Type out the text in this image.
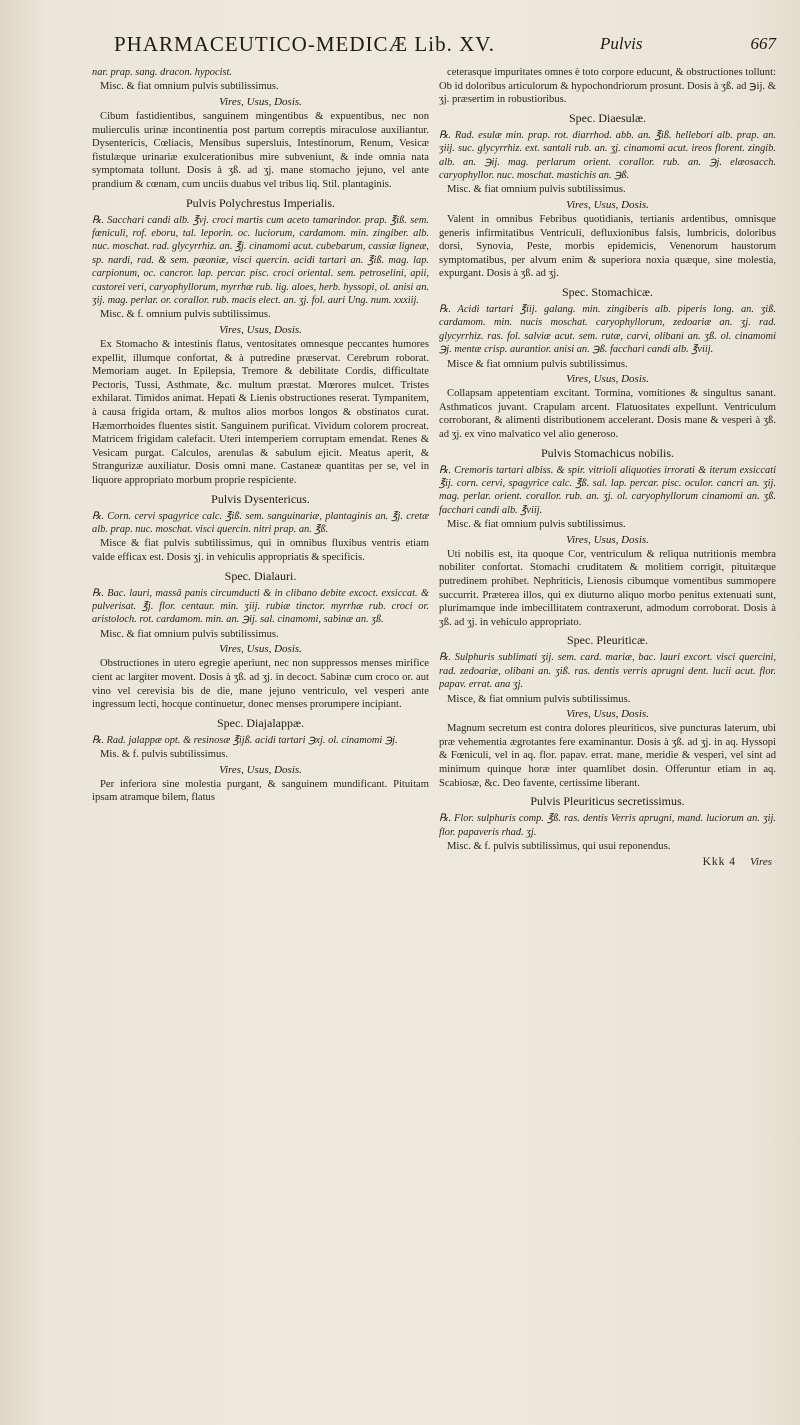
PHARMACEUTICO-MEDICÆ Lib. XV.	Pulvis	667
nar. prap. sang. dracon. hypocist.
Misc. & fiat omnium pulvis subtilissimus.
Vires, Usus, Dosis.
Cibum fastidientibus, sanguinem mingentibus & expuentibus, nec non mulierculis urinæ incontinentia post partum correptis miraculose auxiliantur. Dysentericis, Cœliacis, Mensibus supersluis, Intestinorum, Renum, Vesicæ fistulæque urinariæ exulcerationibus mire subveniunt, & inde omnia nata symptomata tollunt. Dosis à ʒß. ad ʒj. mane stomacho jejuno, vel ante prandium & cœnam, cum unciis duabus vel tribus liq. Stil. plantaginis.
Pulvis Polychrestus Imperialis.
℞. Sacchari candi alb. ℥vj. croci martis cum aceto tamarindor. prap. ℥iß. sem. fœniculi, rof. eboru, tal. leporin. oc. luciorum, cardamom. min. zingiber. alb. nuc. moschat. rad. glycyrrhiz. an. ℥j. cinamomi acut. cubebarum, cassiæ ligneæ, sp. nardi, rad. & sem. pæoniæ, visci quercin. acidi tartari an. ℥iß. mag. lap. carpionum, oc. cancror. lap. percar. pisc. croci oriental. sem. petroselini, apii, castorei veri, caryophyllorum, myrrhæ rub. lig. aloes, herb. hyssopi, ol. anisi an. ʒij. mag. perlar. or. corallor. rub. macis elect. an. ʒj. fol. auri Ung. num. xxxiij.
Misc. & f. omnium pulvis subtilissimus.
Vires, Usus, Dosis.
Ex Stomacho & intestinis flatus, ventositates omnesque peccantes humores expellit, illumque confortat, & à putredine præservat. Cerebrum roborat. Memoriam auget. In Epilepsia, Tremore & debilitate Cordis, difficultate Pectoris, Tussi, Asthmate, &c. multum præstat. Mœrores mulcet. Tristes exhilarat. Timidos animat. Hepati & Lienis obstructiones reserat. Tympanitem, à causa frigida ortam, & multos alios morbos longos & obstinatos curat. Hæmorrhoides fluentes sistit. Sanguinem purificat. Vividum colorem procreat. Matricem frigidam calefacit. Uteri intemperiem corruptam emendat. Renes & Vesicam purgat. Calculos, arenulas & sabulum ejicit. Meatus aperit, & Strangurizæ auxiliatur. Dosis omni mane. Castaneæ quantitas per se, vel in liquore appropriato morbum proprie respiciente.
Pulvis Dysentericus.
℞. Corn. cervi spagyrice calc. ℥iß. sem. sanguinariæ, plantaginis an. ℥j. cretæ alb. prap. nuc. moschat. visci quercin. nitri prap. an. ℥ß.
Misce & fiat pulvis subtilissimus, qui in omnibus fluxibus ventris etiam valde efficax est. Dosis ʒj. in vehiculis appropriatis & specificis.
Spec. Dialauri.
℞. Bac. lauri, massâ panis circumducti & in clibano debite excoct. exsiccat. & pulverisat. ℥j. flor. centaur. min. ʒiij. rubiæ tinctor. myrrhæ rub. croci or. aristoloch. rot. cardamom. min. an. ℈ij. sal. cinamomi, sabinæ an. ʒß.
Misc. & fiat omnium pulvis subtilissimus.
Vires, Usus, Dosis.
Obstructiones in utero egregie aperiunt, nec non suppressos menses mirifice cient ac largiter movent. Dosis à ʒß. ad ʒj. in decoct. Sabinæ cum croco or. aut vino vel cerevisia bis de die, mane jejuno ventriculo, vel vesperi ante ingressum lecti, hocque continuetur, donec menses prorumpere incipiant.
Spec. Diajalappæ.
℞. Rad. jalappæ opt. & resinosæ ℥ijß. acidi tartari ℈xj. ol. cinamomi ℈j.
Mis. & f. pulvis subtilissimus.
Vires, Usus, Dosis.
Per inferiora sine molestia purgant, & sanguinem mundificant. Pituitam ipsam atramque bilem, flatus
ceterasque impuritates omnes è toto corpore educunt, & obstructiones tollunt: Ob id doloribus articulorum & hypochondriorum prosunt. Dosis à ʒß. ad ℈ij. & ʒj. præsertim in robustioribus.
Spec. Diaesulæ.
℞. Rad. esulæ min. prap. rot. diarrhod. abb. an. ℥iß. hellebori alb. prap. an. ʒiij. suc. glycyrrhiz. ext. santali rub. an. ʒj. cinamomi acut. ireos florent. zingib. alb. an. ℈ij. mag. perlarum orient. corallor. rub. an. ℈j. elæosacch. caryophyllor. nuc. moschat. mastichis an. ℈ß.
Misc. & fiat omnium pulvis subtilissimus.
Vires, Usus, Dosis.
Valent in omnibus Febribus quotidianis, tertianis ardentibus, omnisque generis infirmitatibus Ventriculi, defluxionibus falsis, lumbricis, doloribus dorsi, Synovia, Peste, morbis epidemicis, Venenorum haustorum symptomatibus, per alvum enim & superiora noxia quæque, sine molestia, expurgant. Dosis à ʒß. ad ʒj.
Spec. Stomachicæ.
℞. Acidi tartari ℥iij. galang. min. zingiberis alb. piperis long. an. ʒiß. cardamom. min. nucis moschat. caryophyllorum, zedoariæ an. ʒj. rad. glycyrrhiz. ras. fol. salviæ acut. sem. rutæ, carvi, olibani an. ʒß. ol. cinamomi ℈j. mentæ crisp. aurantior. anisi an. ℈ß. facchari candi alb. ℥viij.
Misce & fiat omnium pulvis subtilissimus.
Vires, Usus, Dosis.
Collapsam appetentiam excitant. Tormina, vomitiones & singultus sanant. Asthmaticos juvant. Crapulam arcent. Flatuositates expellunt. Ventriculum corroborant, & alimenti distributionem accelerant. Dosis mane & vesperi à ʒß. ad ʒj. ex vino malvatico vel alio generoso.
Pulvis Stomachicus nobilis.
℞. Cremoris tartari albiss. & spir. vitrioli aliquoties irrorati & iterum exsiccati ℥ij. corn. cervi, spagyrice calc. ℥ß. sal. lap. percar. pisc. oculor. cancri an. ʒij. mag. perlar. orient. corallor. rub. an. ʒj. ol. caryophyllorum cinamomi an. ʒß. facchari candi alb. ℥viij.
Misc. & fiat omnium pulvis subtilissimus.
Vires, Usus, Dosis.
Uti nobilis est, ita quoque Cor, ventriculum & reliqua nutritionis membra nobiliter confortat. Stomachi cruditatem & molitiem corrigit, pituitæque putredinem prohibet. Nephriticis, Lienosis cibumque vomentibus summopere succurrit. Præterea illos, qui ex diuturno aliquo morbo penitus extenuati sunt, plurimamque inde imbecillitatem contraxerunt, admodum corroborat. Dosis à ʒß. ad ʒj. in vehiculo appropriato.
Spec. Pleuriticæ.
℞. Sulphuris sublimati ʒij. sem. card. mariæ, bac. lauri excort. visci quercini, rad. zedoariæ, olibani an. ʒiß. ras. dentis verris aprugni dent. lucii acut. flor. papav. errat. ana ʒj.
Misce, & fiat omnium pulvis subtilissimus.
Vires, Usus, Dosis.
Magnum secretum est contra dolores pleuriticos, sive puncturas laterum, ubi præ vehementia ægrotantes fere examinantur. Dosis à ʒß. ad ʒj. in aq. Hyssopi & Fœniculi, vel in aq. flor. papav. errat. mane, meridie & vesperi, vel sint ad minimum quinque horæ inter quamlibet dosin. Offeruntur etiam in aq. Scabiosæ, &c. Deo favente, certissime liberant.
Pulvis Pleuriticus secretissimus.
℞. Flor. sulphuris comp. ℥ß. ras. dentis Verris aprugni, mand. luciorum an. ʒij. flor. papaveris rhad. ʒj.
Misc. & f. pulvis subtilissimus, qui usui reponendus.
Kkk 4 Vires
